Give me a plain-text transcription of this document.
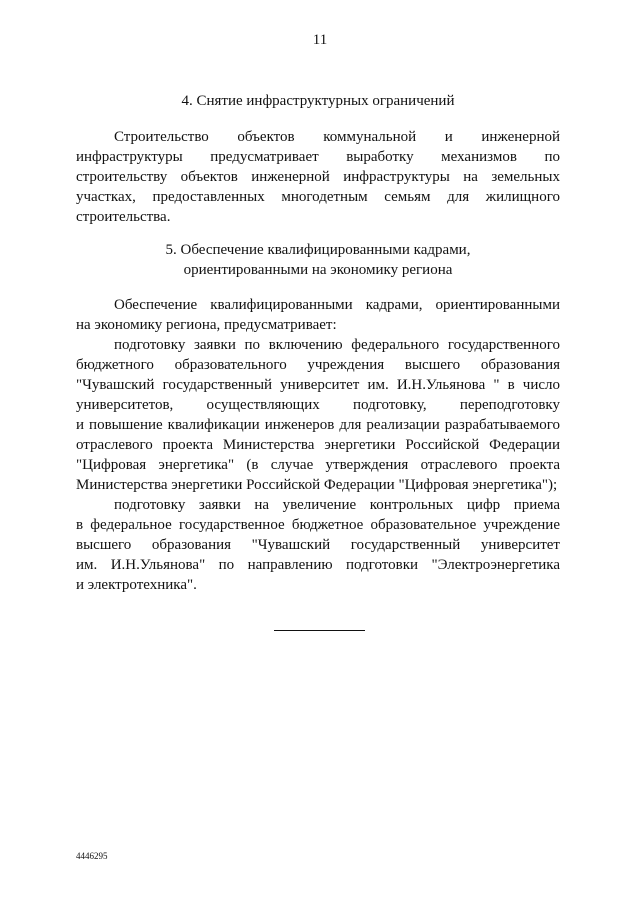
11
4. Снятие инфраструктурных ограничений
Строительство объектов коммунальной и инженерной
инфраструктуры предусматривает выработку механизмов по
строительству объектов инженерной инфраструктуры на земельных
участках, предоставленных многодетным семьям для жилищного
строительства.
5. Обеспечение квалифицированными кадрами,
ориентированными на экономику региона
Обеспечение квалифицированными кадрами, ориентированными
на экономику региона, предусматривает:
подготовку заявки по включению федерального государственного
бюджетного образовательного учреждения высшего образования
"Чувашский государственный университет им. И.Н.Ульянова " в число
университетов, осуществляющих подготовку, переподготовку
и повышение квалификации инженеров для реализации разрабатываемого
отраслевого проекта Министерства энергетики Российской Федерации
"Цифровая энергетика" (в случае утверждения отраслевого проекта
Министерства энергетики Российской Федерации "Цифровая энергетика");
подготовку заявки на увеличение контрольных цифр приема
в федеральное государственное бюджетное образовательное учреждение
высшего образования "Чувашский государственный университет
им. И.Н.Ульянова" по направлению подготовки "Электроэнергетика
и электротехника".
4446295
